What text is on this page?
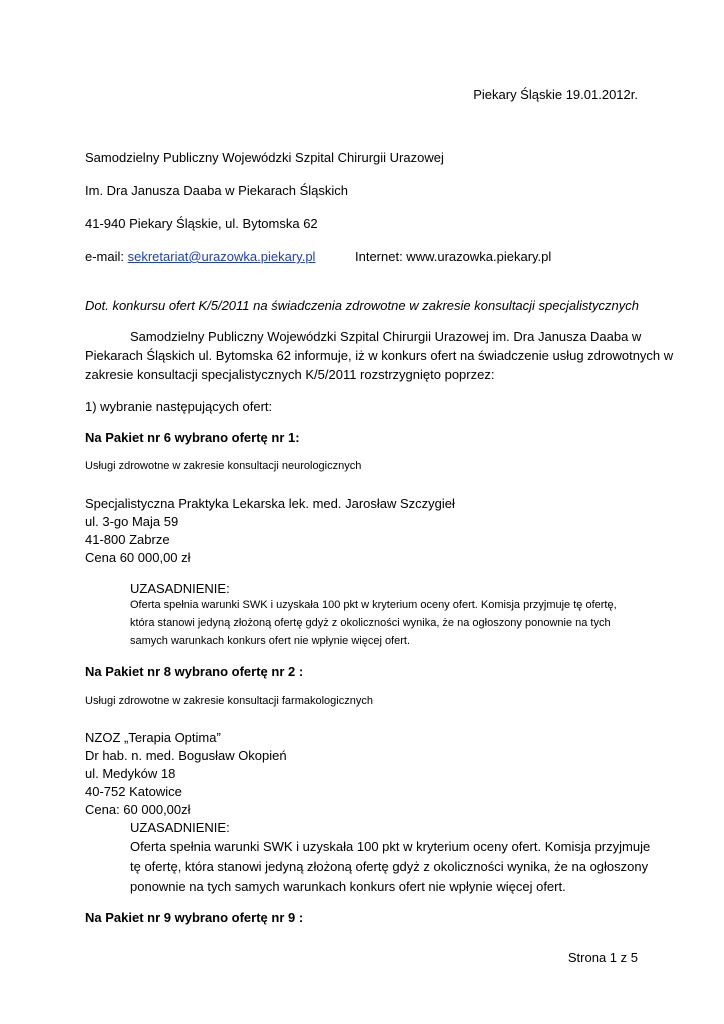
Piekary Śląskie 19.01.2012r.
Samodzielny Publiczny Wojewódzki Szpital Chirurgii Urazowej
Im. Dra Janusza Daaba w Piekarach Śląskich
41-940 Piekary Śląskie, ul. Bytomska 62
e-mail: sekretariat@urazowka.piekary.pl	Internet: www.urazowka.piekary.pl
Dot. konkursu ofert K/5/2011 na świadczenia zdrowotne w zakresie konsultacji specjalistycznych
Samodzielny Publiczny Wojewódzki Szpital Chirurgii Urazowej im. Dra Janusza Daaba w
Piekarach Śląskich ul. Bytomska 62 informuje, iż w konkurs ofert na świadczenie usług zdrowotnych w
zakresie konsultacji specjalistycznych K/5/2011 rozstrzygnięto poprzez:
1) wybranie następujących ofert:
Na Pakiet nr 6 wybrano ofertę nr 1:
Usługi zdrowotne w zakresie konsultacji neurologicznych
Specjalistyczna Praktyka Lekarska lek. med. Jarosław Szczygieł
ul. 3-go Maja 59
41-800 Zabrze
Cena 60 000,00 zł
UZASADNIENIE:
Oferta spełnia warunki SWK i uzyskała 100 pkt w kryterium oceny ofert. Komisja przyjmuje tę ofertę,
która stanowi jedyną złożoną ofertę gdyż z okoliczności wynika, że na ogłoszony ponownie na tych
samych warunkach konkurs ofert nie wpłynie więcej ofert.
Na Pakiet nr 8 wybrano ofertę nr 2 :
Usługi zdrowotne w zakresie konsultacji farmakologicznych
NZOZ „Terapia Optima”
Dr hab. n. med. Bogusław Okopień
ul. Medyków 18
40-752 Katowice
Cena: 60 000,00zł
UZASADNIENIE:
Oferta spełnia warunki SWK i uzyskała 100 pkt w kryterium oceny ofert. Komisja przyjmuje
tę ofertę, która stanowi jedyną złożoną ofertę gdyż z okoliczności wynika, że na ogłoszony
ponownie na tych samych warunkach konkurs ofert nie wpłynie więcej ofert.
Na Pakiet nr 9 wybrano ofertę nr 9 :
Strona 1 z 5
